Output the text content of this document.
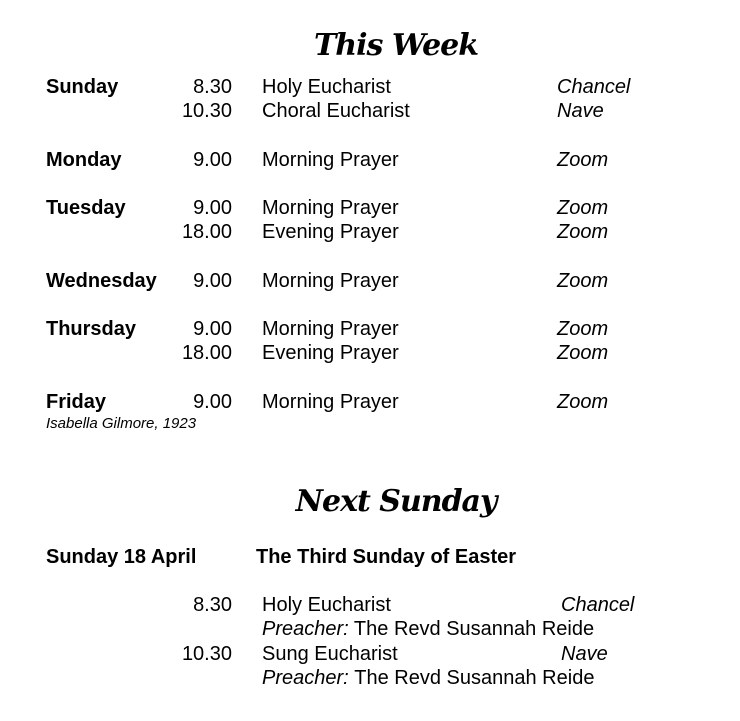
This Week
Sunday	8.30 Holy Eucharist	Chancel
10.30 Choral Eucharist	Nave
Monday	9.00 Morning Prayer	Zoom
Tuesday	9.00 Morning Prayer	Zoom
18.00 Evening Prayer	Zoom
Wednesday	9.00 Morning Prayer	Zoom
Thursday	9.00 Morning Prayer	Zoom
18.00 Evening Prayer	Zoom
Friday	9.00 Morning Prayer	Zoom
Isabella Gilmore, 1923
Next Sunday
Sunday 18 April	The Third Sunday of Easter
8.30 Holy Eucharist	Chancel
Preacher: The Revd Susannah Reide
10.30 Sung Eucharist	Nave
Preacher: The Revd Susannah Reide
